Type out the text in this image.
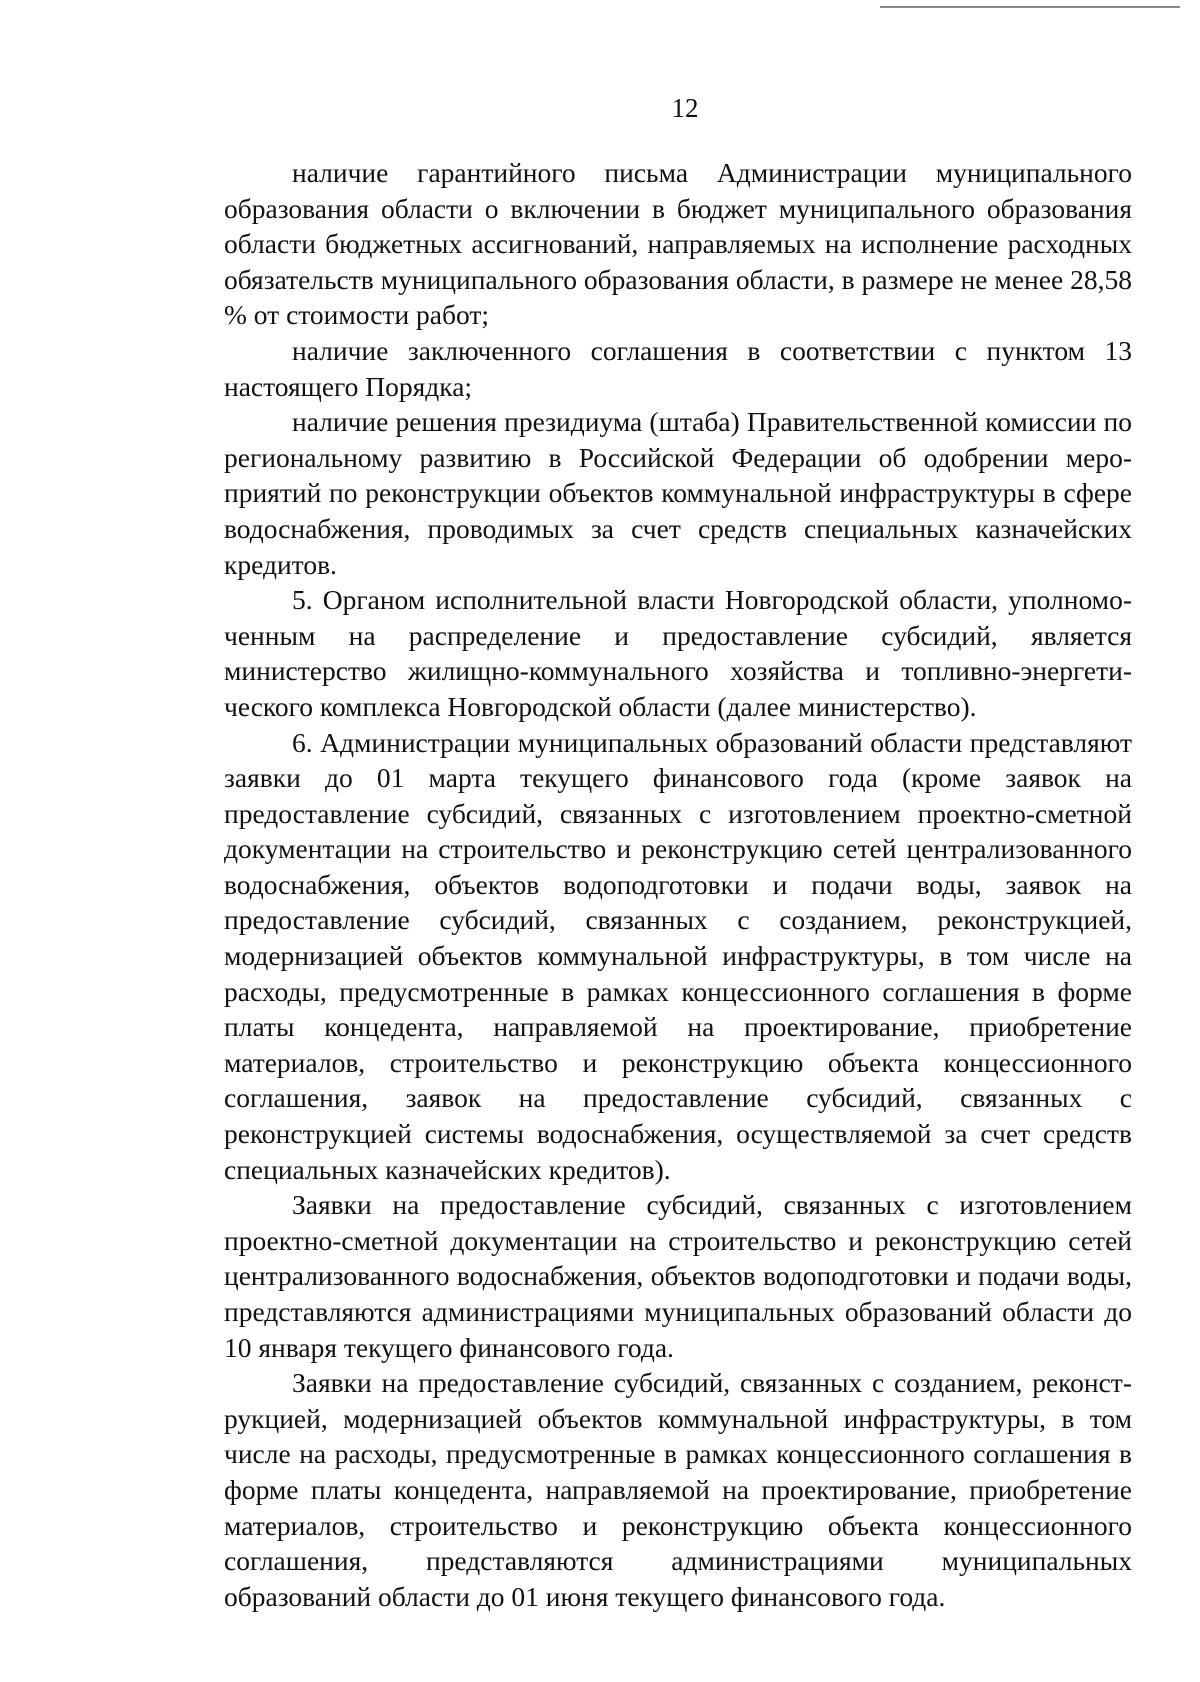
12

наличие гарантийного письма Администрации муниципального образования области о включении в бюджет муниципального образования области бюджетных ассигнований, направляемых на исполнение расходных обязательств муниципального образования области, в размере не менее 28,58 % от стоимости работ;

наличие заключенного соглашения в соответствии с пунктом 13 настоящего Порядка;

наличие решения президиума (штаба) Правительственной комиссии по региональному развитию в Российской Федерации об одобрении мероприятий по реконструкции объектов коммунальной инфраструктуры в сфере водоснабжения, проводимых за счет средств специальных казначейских кредитов.

5. Органом исполнительной власти Новгородской области, уполномоченным на распределение и предоставление субсидий, является министерство жилищно-коммунального хозяйства и топливно-энергетического комплекса Новгородской области (далее министерство).

6. Администрации муниципальных образований области представляют заявки до 01 марта текущего финансового года (кроме заявок на предоставление субсидий, связанных с изготовлением проектно-сметной документации на строительство и реконструкцию сетей централизованного водоснабжения, объектов водоподготовки и подачи воды, заявок на предоставление субсидий, связанных с созданием, реконструкцией, модернизацией объектов коммунальной инфраструктуры, в том числе на расходы, предусмотренные в рамках концессионного соглашения в форме платы концедента, направляемой на проектирование, приобретение материалов, строительство и реконструкцию объекта концессионного соглашения, заявок на предоставление субсидий, связанных с реконструкцией системы водоснабжения, осуществляемой за счет средств специальных казначейских кредитов).

Заявки на предоставление субсидий, связанных с изготовлением проектно-сметной документации на строительство и реконструкцию сетей централизованного водоснабжения, объектов водоподготовки и подачи воды, представляются администрациями муниципальных образований области до 10 января текущего финансового года.

Заявки на предоставление субсидий, связанных с созданием, реконструкцией, модернизацией объектов коммунальной инфраструктуры, в том числе на расходы, предусмотренные в рамках концессионного соглашения в форме платы концедента, направляемой на проектирование, приобретение материалов, строительство и реконструкцию объекта концессионного соглашения, представляются администрациями муниципальных образований области до 01 июня текущего финансового года.
